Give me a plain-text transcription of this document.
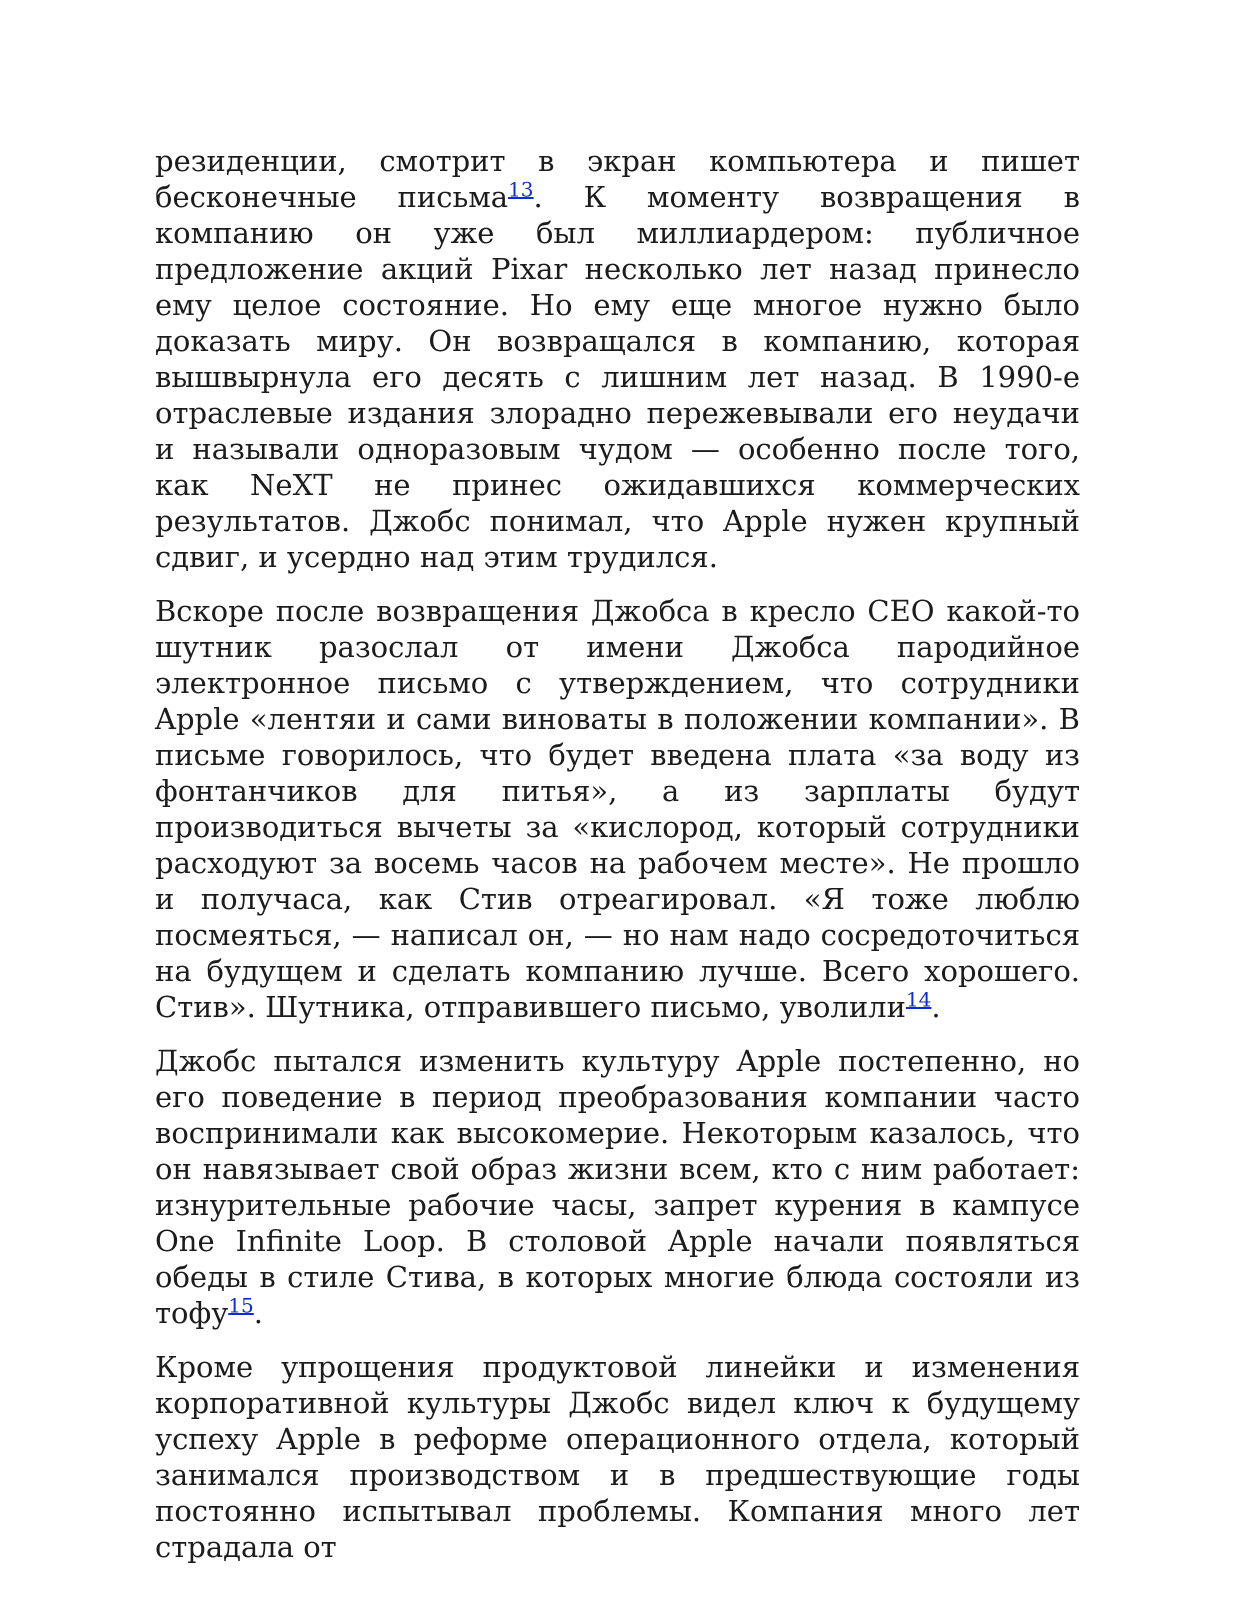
резиденции, смотрит в экран компьютера и пишет бесконечные письма$^{13}$. К моменту возвращения в компанию он уже был миллиардером: публичное предложение акций Pixar несколько лет назад принесло ему целое состояние. Но ему еще многое нужно было доказать миру. Он возвращался в компанию, которая вышвырнула его десять с лишним лет назад. В 1990-е отраслевые издания злорадно пережевывали его неудачи и называли одноразовым чудом — особенно после того, как NeXT не принес ожидавшихся коммерческих результатов. Джобс понимал, что Apple нужен крупный сдвиг, и усердно над этим трудился.

Вскоре после возвращения Джобса в кресло CEO какой-то шутник разослал от имени Джобса пародийное электронное письмо с утверждением, что сотрудники Apple «лентяи и сами виноваты в положении компании». В письме говорилось, что будет введена плата «за воду из фонтанчиков для питья», а из зарплаты будут производиться вычеты за «кислород, который сотрудники расходуют за восемь часов на рабочем месте». Не прошло и получаса, как Стив отреагировал. «Я тоже люблю посмеяться, — написал он, — но нам надо сосредоточиться на будущем и сделать компанию лучше. Всего хорошего. Стив». Шутника, отправившего письмо, уволили$^{14}$.

Джобс пытался изменить культуру Apple постепенно, но его поведение в период преобразования компании часто воспринимали как высокомерие. Некоторым казалось, что он навязывает свой образ жизни всем, кто с ним работает: изнурительные рабочие часы, запрет курения в кампусе One Infinite Loop. В столовой Apple начали появляться обеды в стиле Стива, в которых многие блюда состояли из тофу$^{15}$.

Кроме упрощения продуктовой линейки и изменения корпоративной культуры Джобс видел ключ к будущему успеху Apple в реформе операционного отдела, который занимался производством и в предшествующие годы постоянно испытывал проблемы. Компания много лет страдала от
